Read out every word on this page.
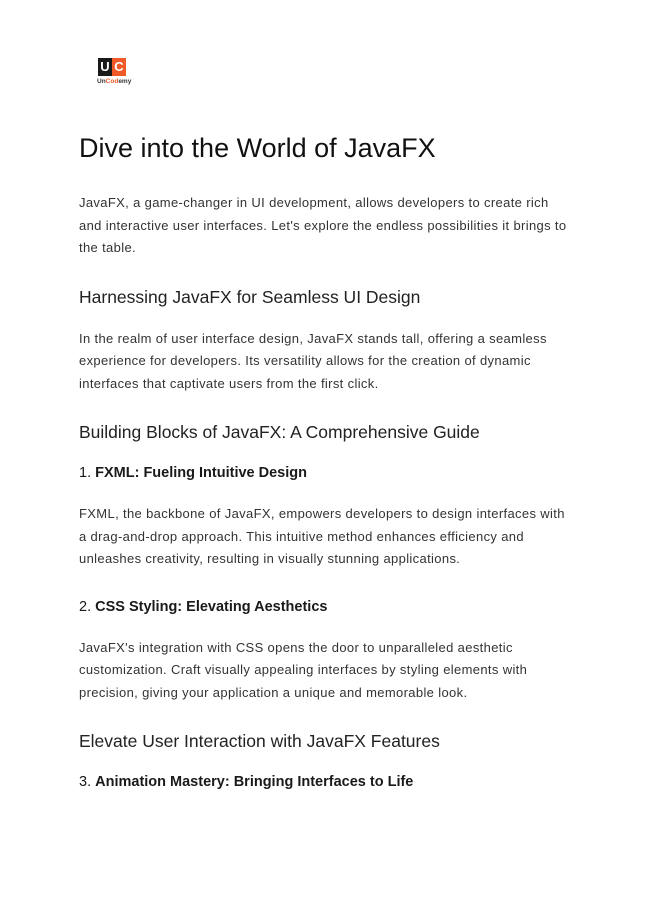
U C
UnCodemy
Dive into the World of JavaFX

JavaFX, a game-changer in UI development, allows developers to create rich and interactive user interfaces. Let's explore the endless possibilities it brings to the table.

Harnessing JavaFX for Seamless UI Design

In the realm of user interface design, JavaFX stands tall, offering a seamless experience for developers. Its versatility allows for the creation of dynamic interfaces that captivate users from the first click.

Building Blocks of JavaFX: A Comprehensive Guide
1. FXML: Fueling Intuitive Design

FXML, the backbone of JavaFX, empowers developers to design interfaces with a drag-and-drop approach. This intuitive method enhances efficiency and unleashes creativity, resulting in visually stunning applications.

2. CSS Styling: Elevating Aesthetics

JavaFX's integration with CSS opens the door to unparalleled aesthetic customization. Craft visually appealing interfaces by styling elements with precision, giving your application a unique and memorable look.

Elevate User Interaction with JavaFX Features
3. Animation Mastery: Bringing Interfaces to Life
